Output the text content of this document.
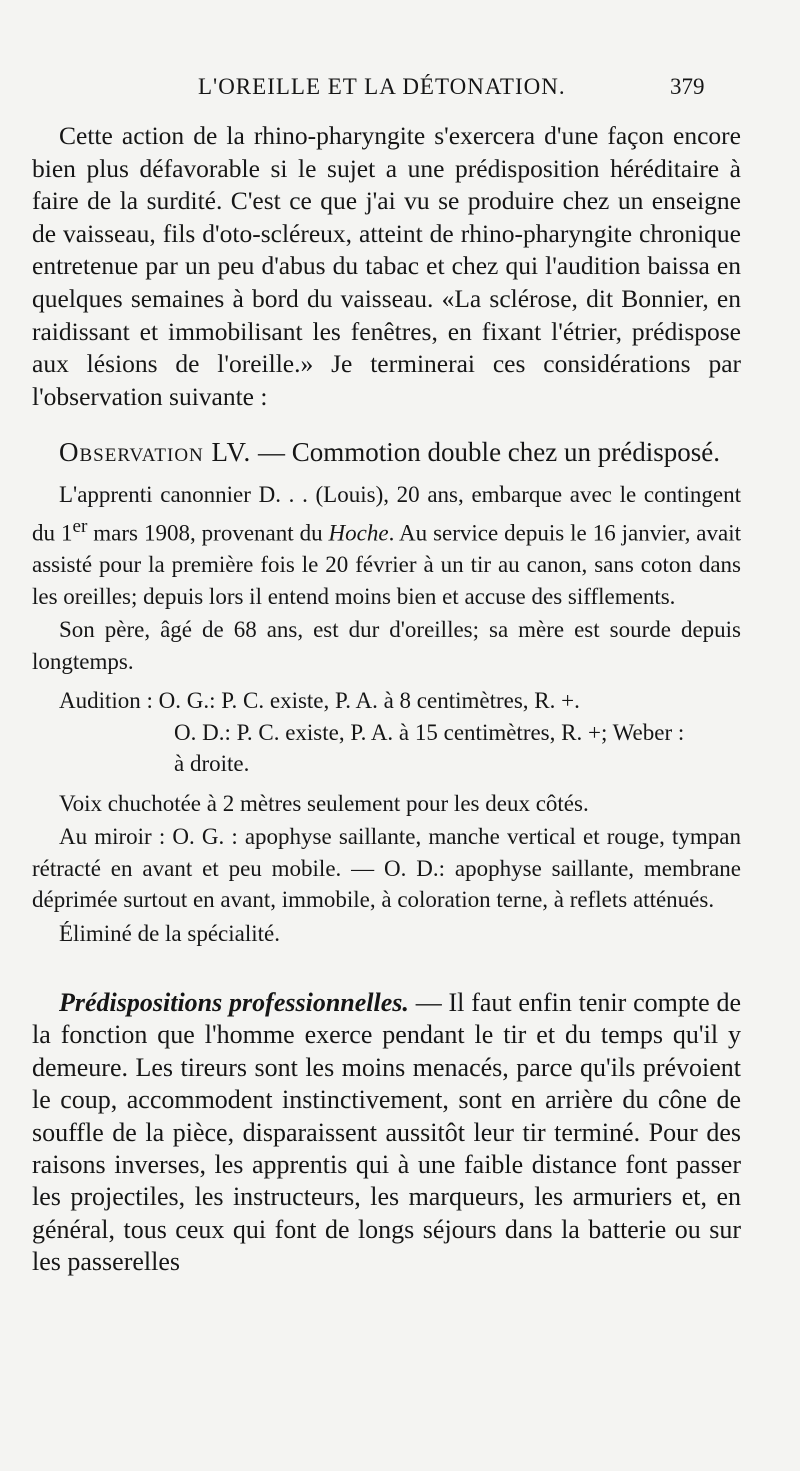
L'OREILLE ET LA DÉTONATION.	379

Cette action de la rhino-pharyngite s'exercera d'une façon encore bien plus défavorable si le sujet a une prédisposition héréditaire à faire de la surdité. C'est ce que j'ai vu se produire chez un enseigne de vaisseau, fils d'oto-scléreux, atteint de rhino-pharyngite chronique entretenue par un peu d'abus du tabac et chez qui l'audition baissa en quelques semaines à bord du vaisseau. «La sclérose, dit Bonnier, en raidissant et immobilisant les fenêtres, en fixant l'étrier, prédispose aux lésions de l'oreille.» Je terminerai ces considérations par l'observation suivante :

Observation LV. — Commotion double chez un prédisposé.

L'apprenti canonnier D. . . (Louis), 20 ans, embarque avec le contingent du 1er mars 1908, provenant du Hoche. Au service depuis le 16 janvier, avait assisté pour la première fois le 20 février à un tir au canon, sans coton dans les oreilles; depuis lors il entend moins bien et accuse des sifflements.

Son père, âgé de 68 ans, est dur d'oreilles; sa mère est sourde depuis longtemps.

Audition : O. G.: P. C. existe, P. A. à 8 centimètres, R. +.
O. D.: P. C. existe, P. A. à 15 centimètres, R. +; Weber :
à droite.

Voix chuchotée à 2 mètres seulement pour les deux côtés.

Au miroir : O. G. : apophyse saillante, manche vertical et rouge, tympan rétracté en avant et peu mobile. — O. D.: apophyse saillante, membrane déprimée surtout en avant, immobile, à coloration terne, à reflets atténués.

Éliminé de la spécialité.

Prédispositions professionnelles. — Il faut enfin tenir compte de la fonction que l'homme exerce pendant le tir et du temps qu'il y demeure. Les tireurs sont les moins menacés, parce qu'ils prévoient le coup, accommodent instinctivement, sont en arrière du cône de souffle de la pièce, disparaissent aussitôt leur tir terminé. Pour des raisons inverses, les apprentis qui à une faible distance font passer les projectiles, les instructeurs, les marqueurs, les armuriers et, en général, tous ceux qui font de longs séjours dans la batterie ou sur les passerelles
